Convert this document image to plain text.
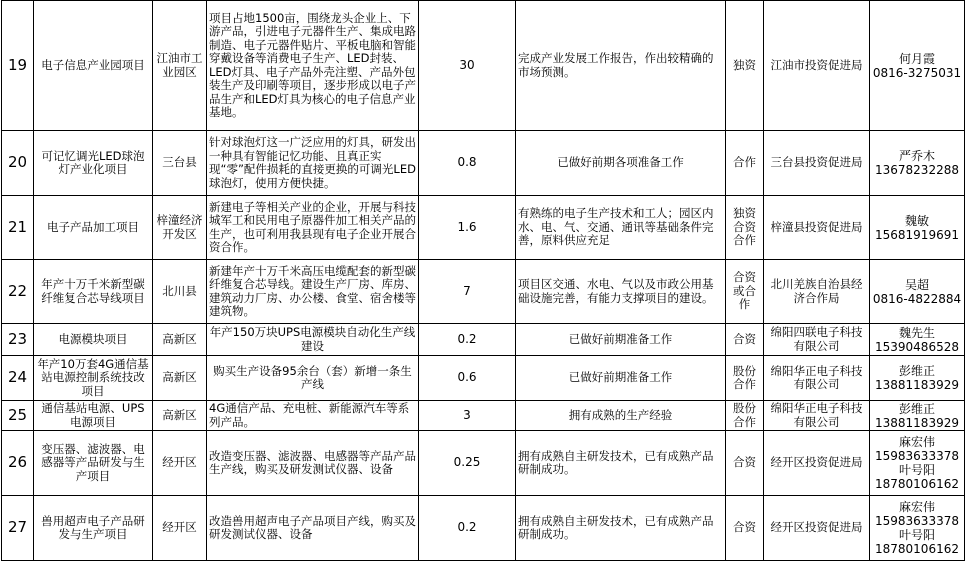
19	电子信息产业园项目	江油市工业园区	项目占地1500亩，围绕龙头企业上、下游产品，引进电子元器件生产、集成电路制造、电子元器件贴片、平板电脑和智能穿戴设备等消费电子生产、LED封装、LED灯具、电子产品外壳注塑、产品外包装生产及印刷等项目，逐步形成以电子产品生产和LED灯具为核心的电子信息产业基地。	30	完成产业发展工作报告，作出较精确的市场预测。	独资	江油市投资促进局	何月霞
0816-3275031

20	可记忆调光LED球泡灯产业化项目	三台县	针对球泡灯这一广泛应用的灯具，研发出一种具有智能记忆功能、且真正实现“零”配件损耗的直接更换的可调光LED球泡灯，使用方便快捷。	0.8	已做好前期各项准备工作	合作	三台县投资促进局	严乔木
13678232288

21	电子产品加工项目	梓潼经济开发区	新建电子等相关产业的企业，开展与科技城军工和民用电子原器件加工相关产品的生产，也可利用我县现有电子企业开展合资合作。	1.6	有熟练的电子生产技术和工人；园区内水、电、气、交通、通讯等基础条件完善，原料供应充足	独资合资合作	梓潼县投资促进局	魏敏
15681919691

22	年产十万千米新型碳纤维复合芯导线项目	北川县	新建年产十万千米高压电缆配套的新型碳纤维复合芯导线。建设生产厂房、库房、建筑动力厂房、办公楼、食堂、宿舍楼等建筑物。	7	项目区交通、水电、气以及市政公用基础设施完善，有能力支撑项目的建设。	合资或合作	北川羌族自治县经济合作局	吴超
0816-4822884

23	电源模块项目	高新区	年产150万块UPS电源模块自动化生产线建设	0.2	已做好前期准备工作	合资	绵阳四联电子科技有限公司	魏先生
15390486528

24	年产10万套4G通信基站电源控制系统技改项目	高新区	购买生产设备95余台（套）新增一条生产线	0.6	已做好前期准备工作	股份合作	绵阳华正电子科技有限公司	彭维正
13881183929

25	通信基站电源、UPS电源项目	高新区	4G通信产品、充电桩、新能源汽车等系列产品。	3	拥有成熟的生产经验	股份合作	绵阳华正电子科技有限公司	彭维正
13881183929

26	变压器、滤波器、电感器等产品研发与生产项目	经开区	改造变压器、滤波器、电感器等产品产品生产线，购买及研发测试仪器、设备	0.25	拥有成熟自主研发技术，已有成熟产品研制成功。	合资	经开区投资促进局	麻宏伟
15983633378
叶号阳
18780106162

27	兽用超声电子产品研发与生产项目	经开区	改造兽用超声电子产品项目产线，购买及研发测试仪器、设备	0.2	拥有成熟自主研发技术，已有成熟产品研制成功。	合资	经开区投资促进局	麻宏伟
15983633378
叶号阳
18780106162
